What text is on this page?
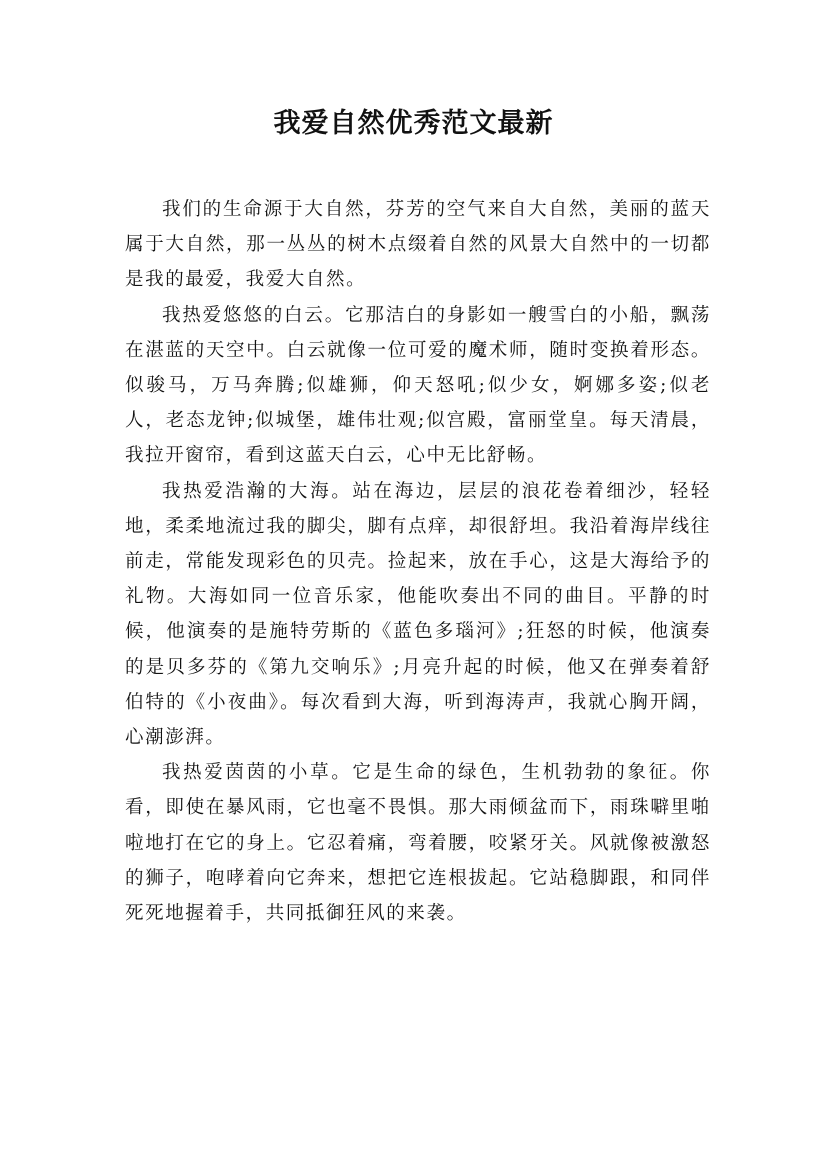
我爱自然优秀范文最新

我们的生命源于大自然，芬芳的空气来自大自然，美丽的蓝天属于大自然，那一丛丛的树木点缀着自然的风景大自然中的一切都是我的最爱，我爱大自然。

我热爱悠悠的白云。它那洁白的身影如一艘雪白的小船，飘荡在湛蓝的天空中。白云就像一位可爱的魔术师，随时变换着形态。似骏马，万马奔腾;似雄狮，仰天怒吼;似少女，婀娜多姿;似老人，老态龙钟;似城堡，雄伟壮观;似宫殿，富丽堂皇。每天清晨，我拉开窗帘，看到这蓝天白云，心中无比舒畅。

我热爱浩瀚的大海。站在海边，层层的浪花卷着细沙，轻轻地，柔柔地流过我的脚尖，脚有点痒，却很舒坦。我沿着海岸线往前走，常能发现彩色的贝壳。捡起来，放在手心，这是大海给予的礼物。大海如同一位音乐家，他能吹奏出不同的曲目。平静的时候，他演奏的是施特劳斯的《蓝色多瑙河》;狂怒的时候，他演奏的是贝多芬的《第九交响乐》;月亮升起的时候，他又在弹奏着舒伯特的《小夜曲》。每次看到大海，听到海涛声，我就心胸开阔，心潮澎湃。

我热爱茵茵的小草。它是生命的绿色，生机勃勃的象征。你看，即使在暴风雨，它也毫不畏惧。那大雨倾盆而下，雨珠噼里啪啦地打在它的身上。它忍着痛，弯着腰，咬紧牙关。风就像被激怒的狮子，咆哮着向它奔来，想把它连根拔起。它站稳脚跟，和同伴死死地握着手，共同抵御狂风的来袭。
